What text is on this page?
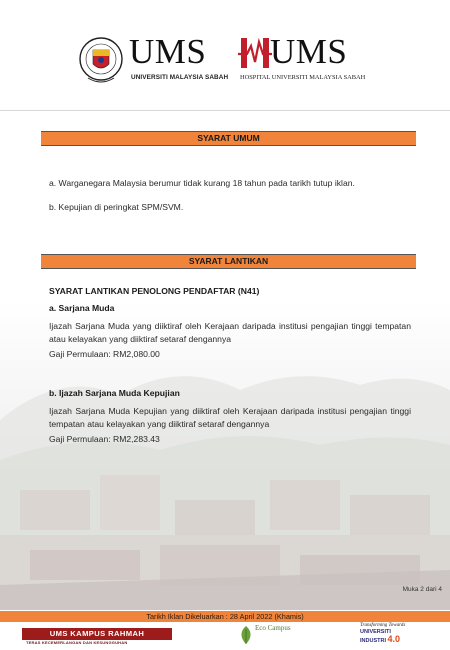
UMS
UNIVERSITI MALAYSIA SABAH
UMS
HOSPITAL UNIVERSITI MALAYSIA SABAH
SYARAT UMUM
a. Warganegara Malaysia berumur tidak kurang 18 tahun pada tarikh tutup iklan.
b. Kepujian di peringkat SPM/SVM.
SYARAT LANTIKAN
SYARAT LANTIKAN PENOLONG PENDAFTAR (N41)
a. Sarjana Muda
Ijazah Sarjana Muda yang diiktiraf oleh Kerajaan daripada institusi pengajian tinggi tempatan atau kelayakan yang diiktiraf setaraf dengannya
Gaji Permulaan: RM2,080.00
b. Ijazah Sarjana Muda Kepujian
Ijazah Sarjana Muda Kepujian yang diiktiraf oleh Kerajaan daripada institusi pengajian tinggi tempatan atau kelayakan yang diiktiraf setaraf dengannya
Gaji Permulaan: RM2,283.43
Muka 2 dari 4
Tarikh Iklan Dikeluarkan : 28 April 2022 (Khamis)
UMS KAMPUS RAHMAH
TERAS KECEMERLANGAN DAN KESUNGGUHAN
Eco Campus	Transforming Towards
UNIVERSITI
INDUSTRI 4.0
